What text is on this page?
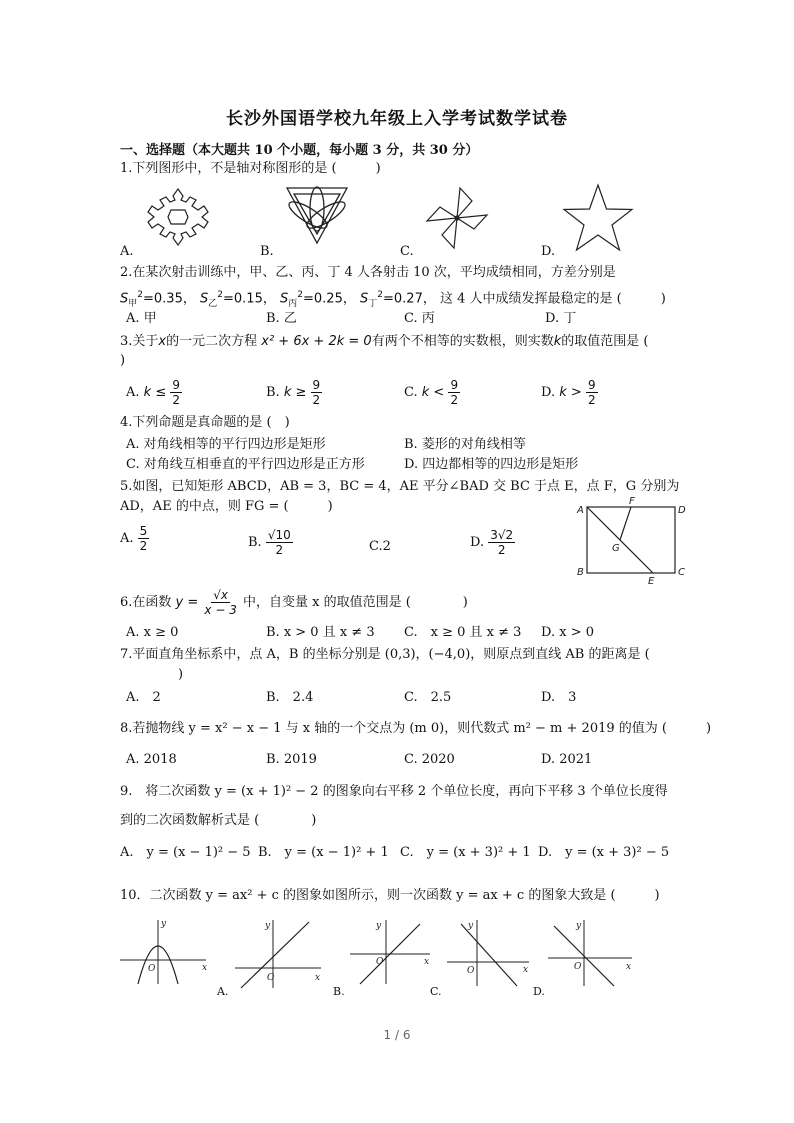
长沙外国语学校九年级上入学考试数学试卷
一、选择题（本大题共 10 个小题，每小题 3 分，共 30 分）
1.下列图形中，不是轴对称图形的是 (　　　)
A.	B.	C.	D.
2.在某次射击训练中，甲、乙、丙、丁 4 人各射击 10 次，平均成绩相同，方差分别是
$S_甲^2=0.35$， $S_乙^2=0.15$， $S_丙^2=0.25$， $S_丁^2=0.27$， 这 4 人中成绩发挥最稳定的是 (　　　)
A. 甲	B. 乙	C. 丙	D. 丁
3.关于x的一元二次方程 x² + 6x + 2k = 0有两个不相等的实数根，则实数k的取值范围是 (
)
A. $k \le \frac{9}{2}$	B. $k \ge \frac{9}{2}$	C. $k < \frac{9}{2}$	D. $k > \frac{9}{2}$
4.下列命题是真命题的是 (　)
A. 对角线相等的平行四边形是矩形	B. 菱形的对角线相等
C. 对角线互相垂直的平行四边形是正方形	D. 四边都相等的四边形是矩形
5.如图，已知矩形 ABCD，AB = 3，BC = 4，AE 平分∠BAD 交 BC 于点 E，点 F，G 分别为
AD，AE 的中点，则 FG = (　　　)
A. $\frac{5}{2}$	B. $\frac{√10}{2}$	C.2	D. $\frac{3√2}{2}$
A	D
F
G
B
E
C
6.在函数 $y = \frac{√x}{x - 3}$ 中，自变量 x 的取值范围是 (　　　　)
A. x ≥ 0	B. x > 0 且 x ≠ 3 C.　x ≥ 0 且 x ≠ 3 D. x > 0
7.平面直角坐标系中，点 A，B 的坐标分别是 (0,3)，(−4,0)，则原点到直线 AB 的距离是 (
)
A.　2	B.　2.4	C.　2.5	D.　3
8.若抛物线 y = x² − x − 1 与 x 轴的一个交点为 (m 0)，则代数式 m² − m + 2019 的值为 (　　　)
A. 2018	B. 2019	C. 2020	D. 2021
9.　将二次函数 y = (x + 1)² − 2 的图象向右平移 2 个单位长度，再向下平移 3 个单位长度得
到的二次函数解析式是 (　　　　)
A.　y = (x − 1)² − 5 B.　y = (x − 1)² + 1 C.　y = (x + 3)² + 1 D.　y = (x + 3)² − 5
10．二次函数 y = ax² + c 的图象如图所示，则一次函数 y = ax + c 的图象大致是 (　　　)
y
x
O
y
x
O
y
x
O
y
x
O
y
x
O
A.	B.	C.	D.
1 / 6
